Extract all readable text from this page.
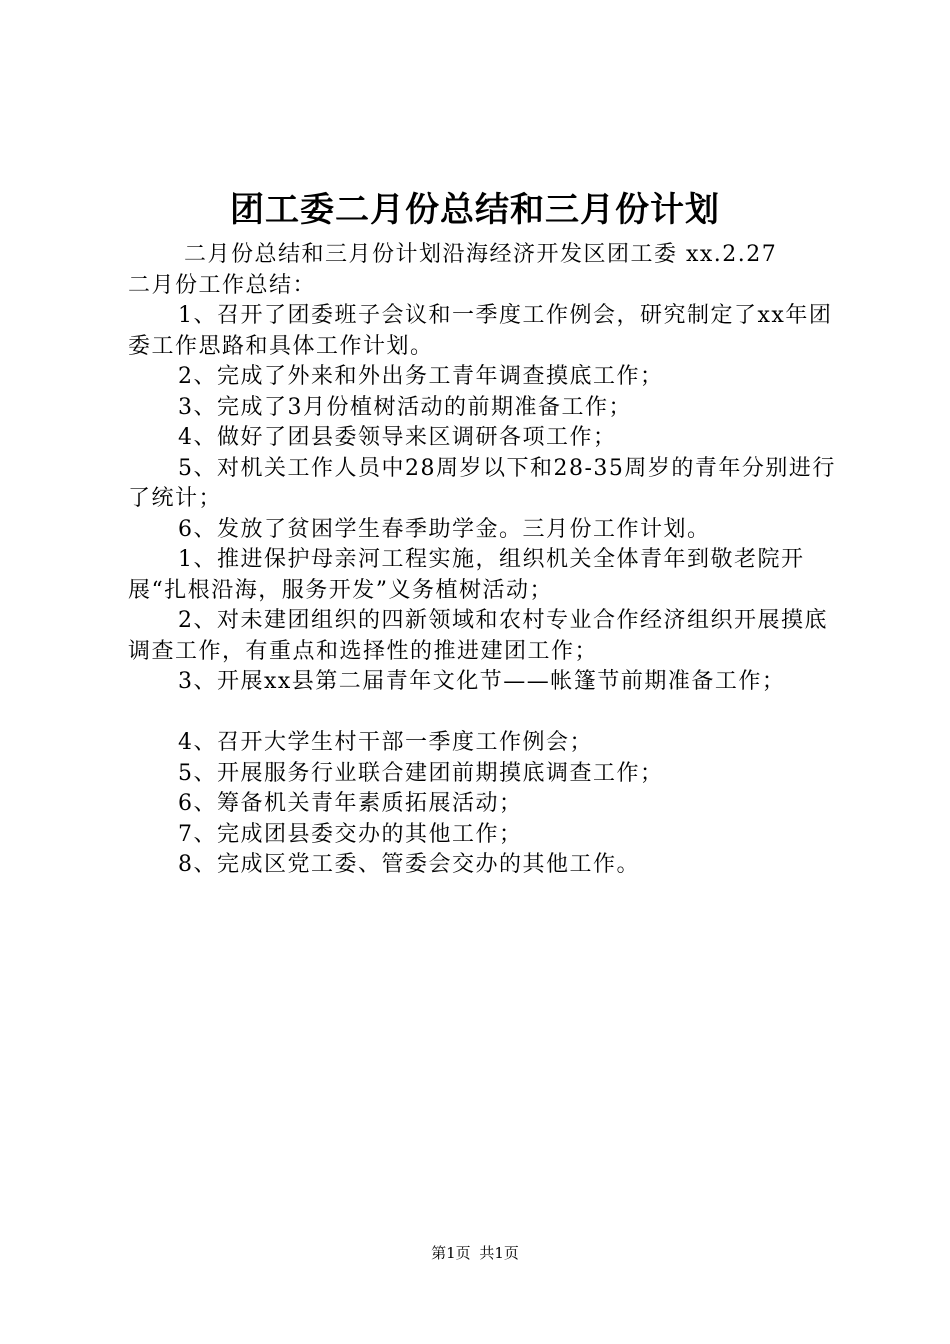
团工委二月份总结和三月份计划

二月份总结和三月份计划沿海经济开发区团工委 xx.2.27

二月份工作总结：

1、召开了团委班子会议和一季度工作例会，研究制定了xx年团委工作思路和具体工作计划。

2、完成了外来和外出务工青年调查摸底工作；

3、完成了3月份植树活动的前期准备工作；

4、做好了团县委领导来区调研各项工作；

5、对机关工作人员中28周岁以下和28-35周岁的青年分别进行了统计；

6、发放了贫困学生春季助学金。三月份工作计划。

1、推进保护母亲河工程实施，组织机关全体青年到敬老院开展“扎根沿海，服务开发”义务植树活动；

2、对未建团组织的四新领域和农村专业合作经济组织开展摸底调查工作，有重点和选择性的推进建团工作；

3、开展xx县第二届青年文化节——帐篷节前期准备工作；

4、召开大学生村干部一季度工作例会；

5、开展服务行业联合建团前期摸底调查工作；

6、筹备机关青年素质拓展活动；

7、完成团县委交办的其他工作；

8、完成区党工委、管委会交办的其他工作。

第1页 共1页
